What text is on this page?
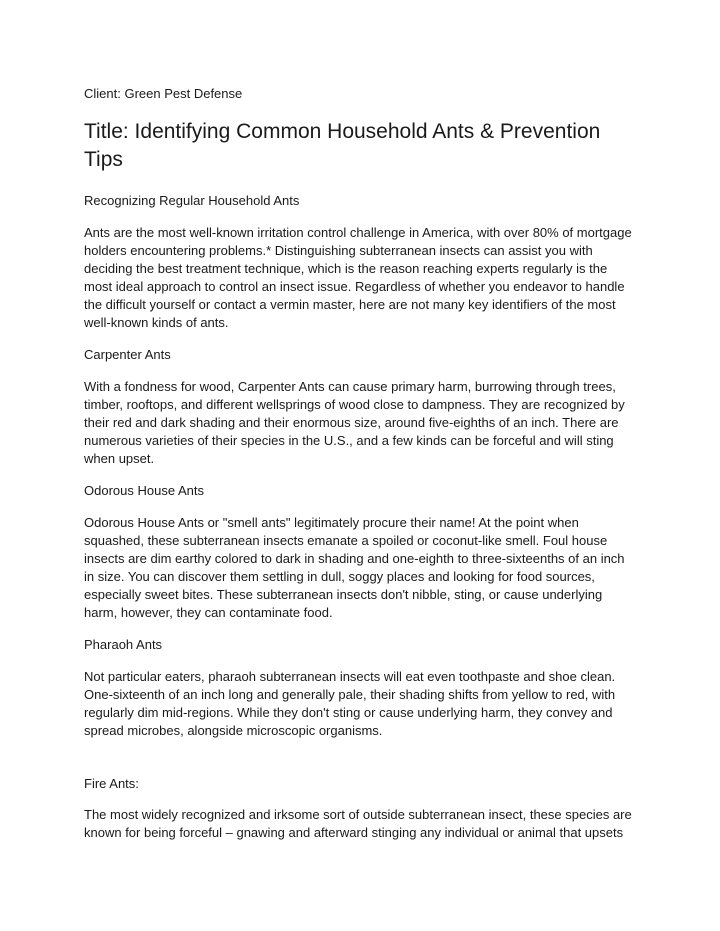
Client: Green Pest Defense
Title: Identifying Common Household Ants & Prevention
Tips
Recognizing Regular Household Ants

Ants are the most well-known irritation control challenge in America, with over 80% of mortgage
holders encountering problems.* Distinguishing subterranean insects can assist you with
deciding the best treatment technique, which is the reason reaching experts regularly is the
most ideal approach to control an insect issue. Regardless of whether you endeavor to handle
the difficult yourself or contact a vermin master, here are not many key identifiers of the most
well-known kinds of ants.

Carpenter Ants

With a fondness for wood, Carpenter Ants can cause primary harm, burrowing through trees,
timber, rooftops, and different wellsprings of wood close to dampness. They are recognized by
their red and dark shading and their enormous size, around five-eighths of an inch. There are
numerous varieties of their species in the U.S., and a few kinds can be forceful and will sting
when upset.

Odorous House Ants

Odorous House Ants or "smell ants" legitimately procure their name! At the point when
squashed, these subterranean insects emanate a spoiled or coconut-like smell. Foul house
insects are dim earthy colored to dark in shading and one-eighth to three-sixteenths of an inch
in size. You can discover them settling in dull, soggy places and looking for food sources,
especially sweet bites. These subterranean insects don't nibble, sting, or cause underlying
harm, however, they can contaminate food.

Pharaoh Ants

Not particular eaters, pharaoh subterranean insects will eat even toothpaste and shoe clean.
One-sixteenth of an inch long and generally pale, their shading shifts from yellow to red, with
regularly dim mid-regions. While they don't sting or cause underlying harm, they convey and
spread microbes, alongside microscopic organisms.

Fire Ants:

The most widely recognized and irksome sort of outside subterranean insect, these species are
known for being forceful – gnawing and afterward stinging any individual or animal that upsets
